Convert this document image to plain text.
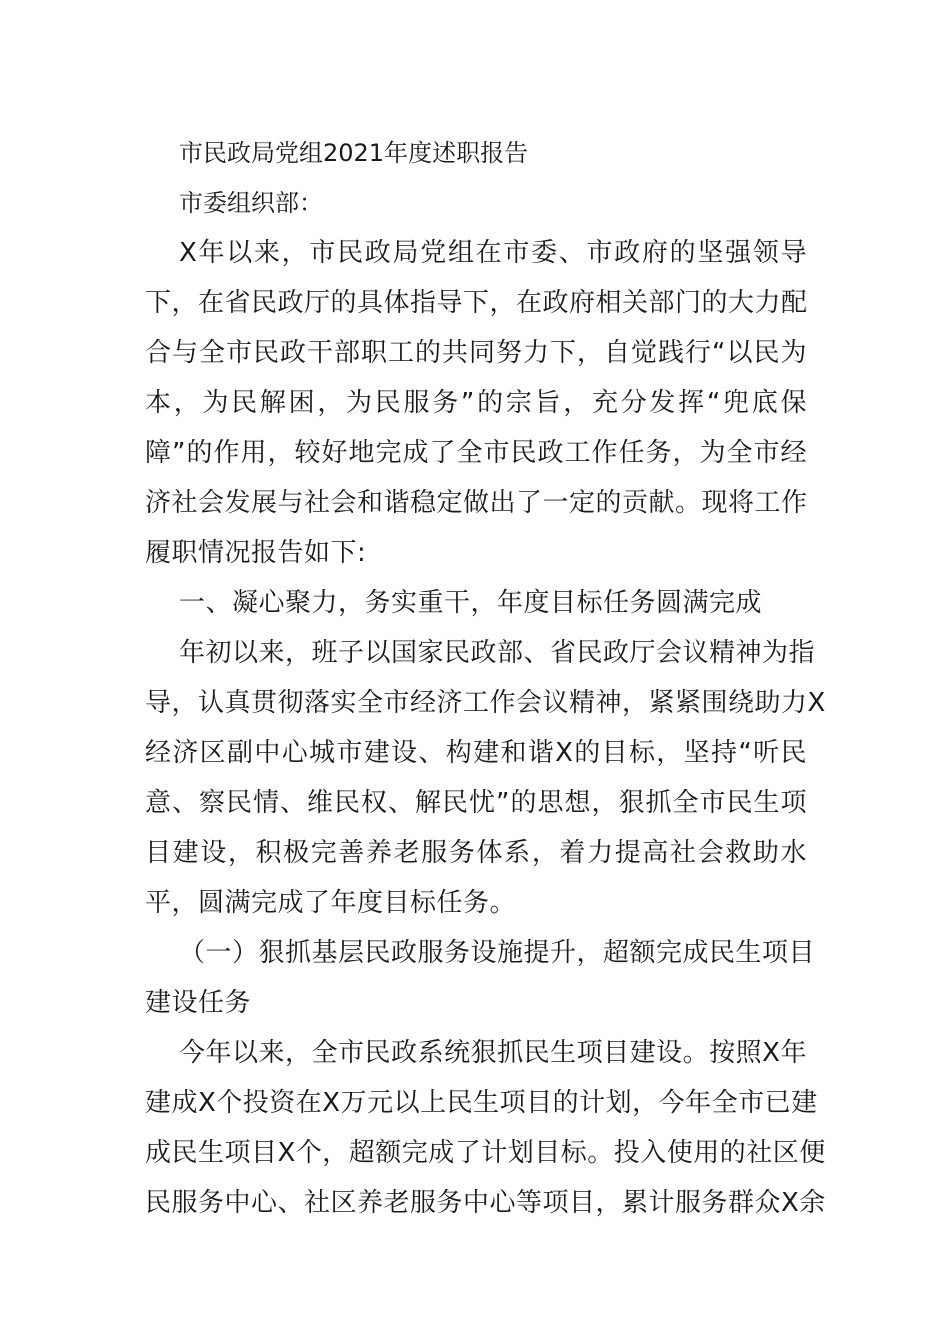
市民政局党组2021年度述职报告

市委组织部：

X年以来，市民政局党组在市委、市政府的坚强领导

下，在省民政厅的具体指导下，在政府相关部门的大力配

合与全市民政干部职工的共同努力下，自觉践行“以民为

本，为民解困，为民服务”的宗旨，充分发挥“兜底保

障”的作用，较好地完成了全市民政工作任务，为全市经

济社会发展与社会和谐稳定做出了一定的贡献。现将工作

履职情况报告如下:

一、凝心聚力，务实重干，年度目标任务圆满完成

年初以来，班子以国家民政部、省民政厅会议精神为指

导，认真贯彻落实全市经济工作会议精神，紧紧围绕助力X

经济区副中心城市建设、构建和谐X的目标，坚持“听民

意、察民情、维民权、解民忧”的思想，狠抓全市民生项

目建设，积极完善养老服务体系，着力提高社会救助水

平，圆满完成了年度目标任务。

（一）狠抓基层民政服务设施提升，超额完成民生项目

建设任务

今年以来，全市民政系统狠抓民生项目建设。按照X年

建成X个投资在X万元以上民生项目的计划，今年全市已建

成民生项目X个，超额完成了计划目标。投入使用的社区便

民服务中心、社区养老服务中心等项目，累计服务群众X余
